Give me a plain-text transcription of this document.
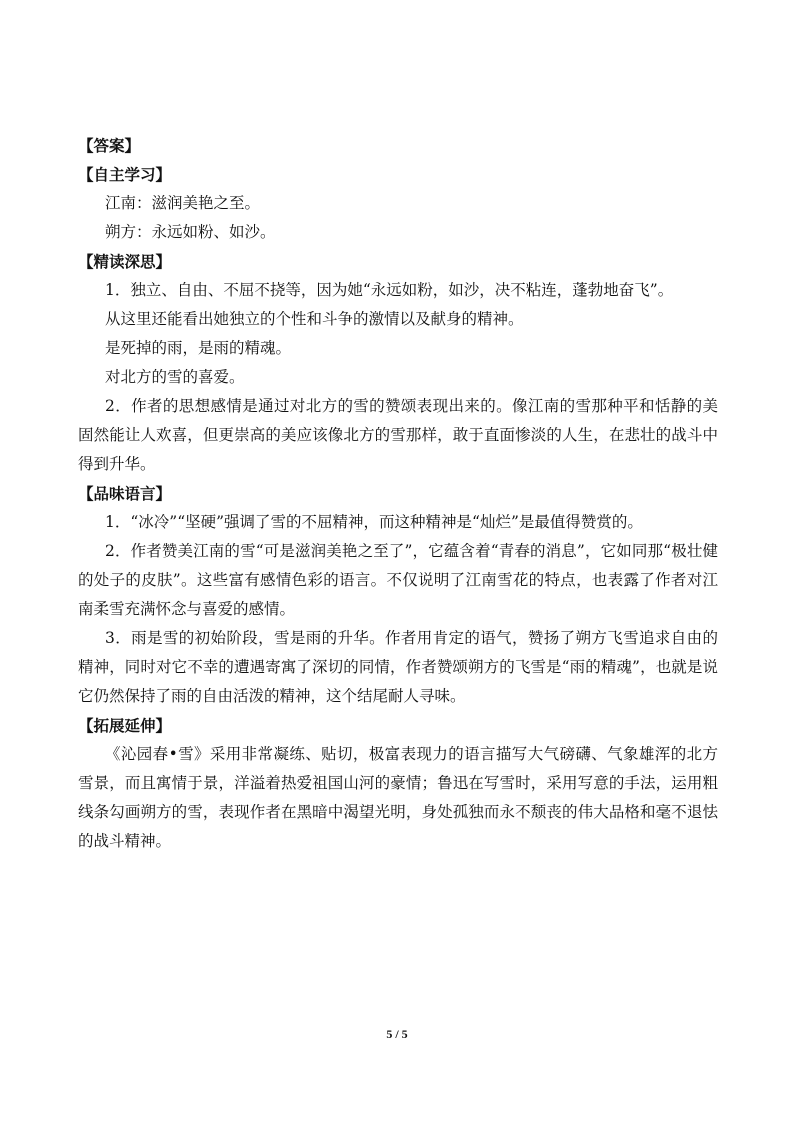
【答案】

【自主学习】

江南：滋润美艳之至。

朔方：永远如粉、如沙。

【精读深思】

1．独立、自由、不屈不挠等，因为她“永远如粉，如沙，决不粘连，蓬勃地奋飞”。

从这里还能看出她独立的个性和斗争的激情以及献身的精神。

是死掉的雨，是雨的精魂。

对北方的雪的喜爱。

2．作者的思想感情是通过对北方的雪的赞颂表现出来的。像江南的雪那种平和恬静的美固然能让人欢喜，但更崇高的美应该像北方的雪那样，敢于直面惨淡的人生，在悲壮的战斗中得到升华。

【品味语言】

1．“冰冷”“坚硬”强调了雪的不屈精神，而这种精神是“灿烂”是最值得赞赏的。

2．作者赞美江南的雪“可是滋润美艳之至了”，它蕴含着“青春的消息”，它如同那“极壮健的处子的皮肤”。这些富有感情色彩的语言。不仅说明了江南雪花的特点，也表露了作者对江南柔雪充满怀念与喜爱的感情。

3．雨是雪的初始阶段，雪是雨的升华。作者用肯定的语气，赞扬了朔方飞雪追求自由的精神，同时对它不幸的遭遇寄寓了深切的同情，作者赞颂朔方的飞雪是“雨的精魂”，也就是说它仍然保持了雨的自由活泼的精神，这个结尾耐人寻味。

【拓展延伸】

《沁园春•雪》采用非常凝练、贴切，极富表现力的语言描写大气磅礴、气象雄浑的北方雪景，而且寓情于景，洋溢着热爱祖国山河的豪情；鲁迅在写雪时，采用写意的手法，运用粗线条勾画朔方的雪，表现作者在黑暗中渴望光明，身处孤独而永不颓丧的伟大品格和毫不退怯的战斗精神。

5 / 5
